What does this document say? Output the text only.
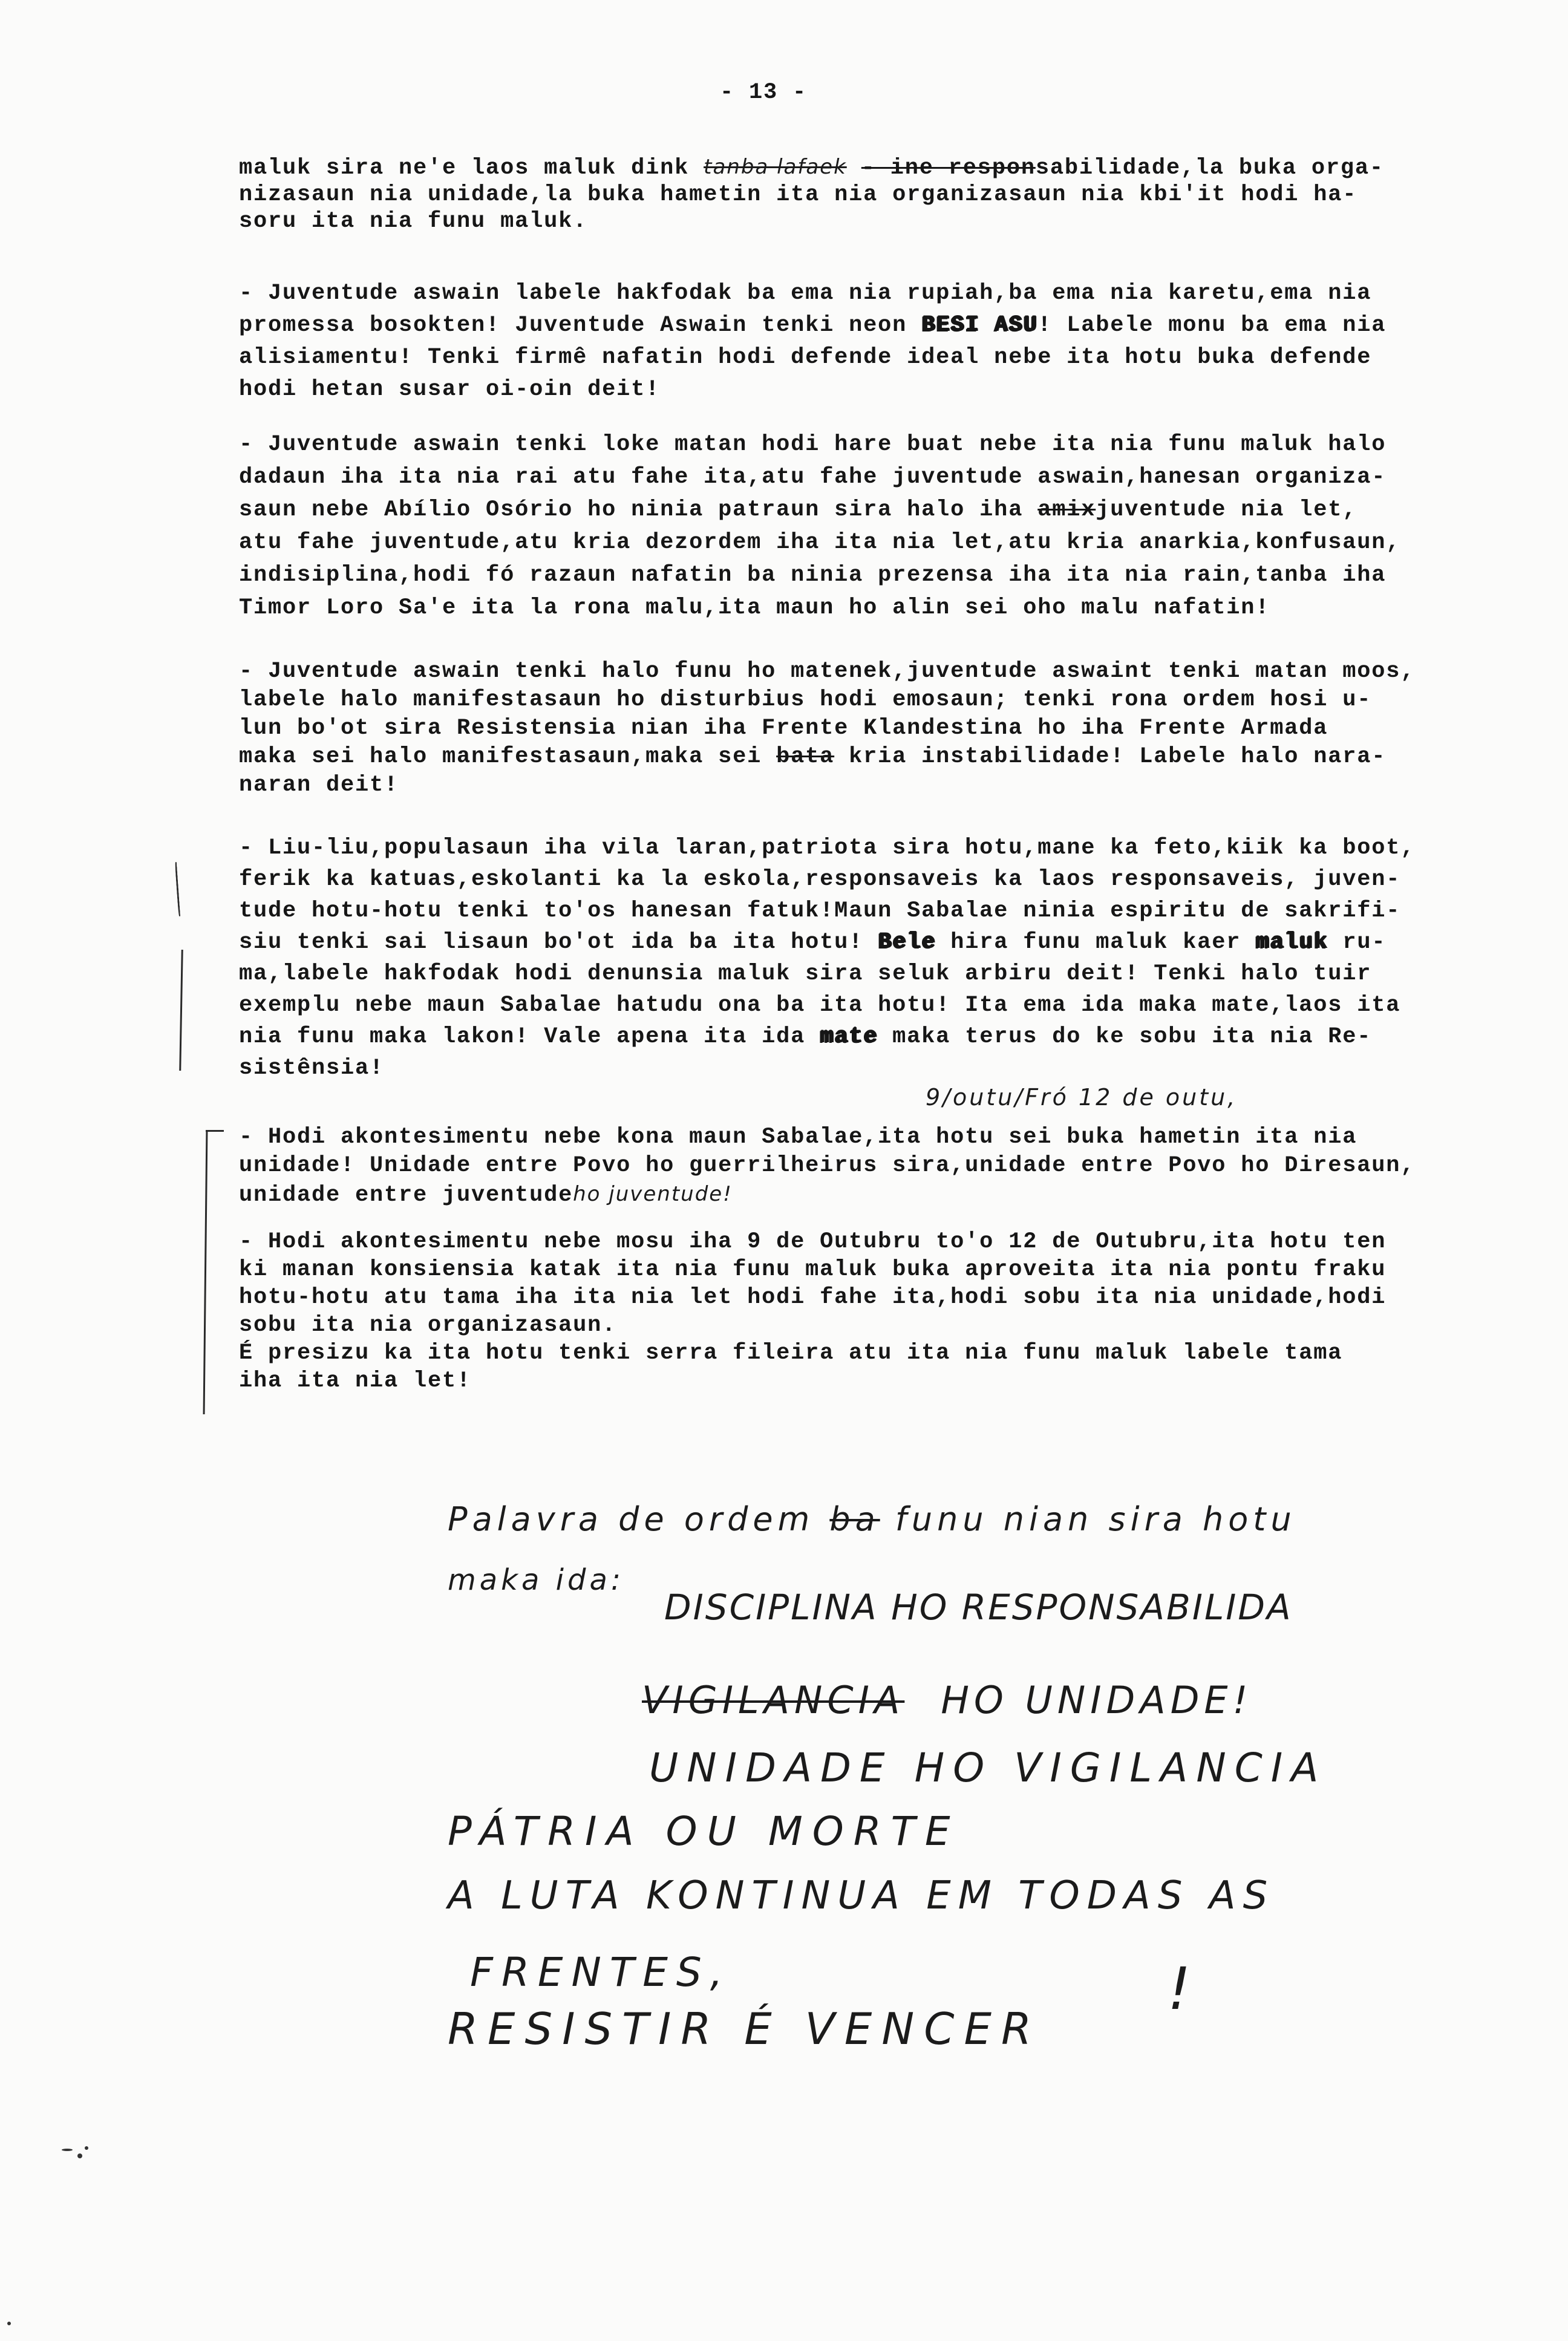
- 13 -
maluk sira ne'e laos maluk dink tanba lafaek - ine responsabilidade,la buka orga-
nizasaun nia unidade,la buka hametin ita nia organizasaun nia kbi'it hodi ha-
soru ita nia funu maluk.
- Juventude aswain labele hakfodak ba ema nia rupiah,ba ema nia karetu,ema nia
promessa bosokten! Juventude Aswain tenki neon BESI ASU! Labele monu ba ema nia
alisiamentu! Tenki firmê nafatin hodi defende ideal nebe ita hotu buka defende
hodi hetan susar oi-oin deit!
- Juventude aswain tenki loke matan hodi hare buat nebe ita nia funu maluk halo
dadaun iha ita nia rai atu fahe ita,atu fahe juventude aswain,hanesan organiza-
saun nebe Abílio Osório ho ninia patraun sira halo iha amixjuventude nia let,
atu fahe juventude,atu kria dezordem iha ita nia let,atu kria anarkia,konfusaun,
indisiplina,hodi fó razaun nafatin ba ninia prezensa iha ita nia rain,tanba iha
Timor Loro Sa'e ita la rona malu,ita maun ho alin sei oho malu nafatin!
- Juventude aswain tenki halo funu ho matenek,juventude aswaint tenki matan moos,
labele halo manifestasaun ho disturbius hodi emosaun; tenki rona ordem hosi u-
lun bo'ot sira Resistensia nian iha Frente Klandestina ho iha Frente Armada
maka sei halo manifestasaun,maka sei bata kria instabilidade! Labele halo nara-
naran deit!
- Liu-liu,populasaun iha vila laran,patriota sira hotu,mane ka feto,kiik ka boot,
ferik ka katuas,eskolanti ka la eskola,responsaveis ka laos responsaveis, juven-
tude hotu-hotu tenki to'os hanesan fatuk!Maun Sabalae ninia espiritu de sakrifi-
siu tenki sai lisaun bo'ot ida ba ita hotu! Bele hira funu maluk kaer maluk ru-
ma,labele hakfodak hodi denunsia maluk sira seluk arbiru deit! Tenki halo tuir
exemplu nebe maun Sabalae hatudu ona ba ita hotu! Ita ema ida maka mate,laos ita
nia funu maka lakon! Vale apena ita ida mate maka terus do ke sobu ita nia Re-
sistênsia!
- Hodi akontesimentu nebe kona maun Sabalae,ita hotu sei buka hametin ita nia
unidade! Unidade entre Povo ho guerrilheirus sira,unidade entre Povo ho Diresaun,
unidade entre juventudeho juventude!
- Hodi akontesimentu nebe mosu iha 9 de Outubru to'o 12 de Outubru,ita hotu ten
ki manan konsiensia katak ita nia funu maluk buka aproveita ita nia pontu fraku
hotu-hotu atu tama iha ita nia let hodi fahe ita,hodi sobu ita nia unidade,hodi
sobu ita nia organizasaun.
É presizu ka ita hotu tenki serra fileira atu ita nia funu maluk labele tama
iha ita nia let!
9/outu/Fró 12 de outu,
Palavra de ordem ba funu nian sira hotu
maka ida:
DISCIPLINA HO RESPONSABILIDA
VIGILANCIA HO UNIDADE!
UNIDADE HO VIGILANCIA
PÁTRIA OU MORTE
A LUTA KONTINUA EM TODAS AS
FRENTES,
RESISTIR É VENCER
!
